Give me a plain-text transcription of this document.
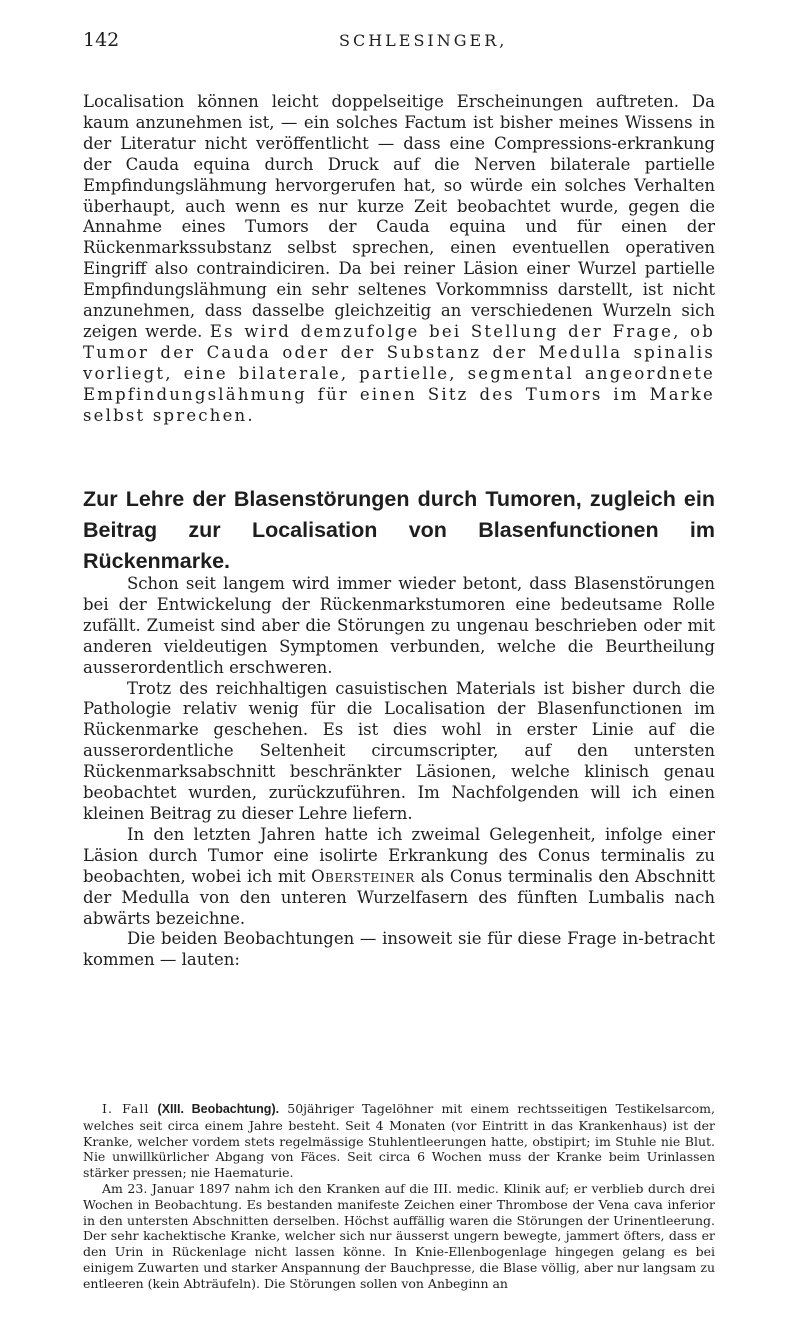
142	SCHLESINGER,
Localisation können leicht doppelseitige Erscheinungen auftreten. Da kaum anzunehmen ist, — ein solches Factum ist bisher meines Wissens in der Literatur nicht veröffentlicht — dass eine Compressions-erkrankung der Cauda equina durch Druck auf die Nerven bilaterale partielle Empfindungslähmung hervorgerufen hat, so würde ein solches Verhalten überhaupt, auch wenn es nur kurze Zeit beobachtet wurde, gegen die Annahme eines Tumors der Cauda equina und für einen der Rückenmarkssubstanz selbst sprechen, einen eventuellen operativen Eingriff also contraindiciren. Da bei reiner Läsion einer Wurzel partielle Empfindungslähmung ein sehr seltenes Vorkommniss darstellt, ist nicht anzunehmen, dass dasselbe gleichzeitig an verschiedenen Wurzeln sich zeigen werde. Es wird demzufolge bei Stellung der Frage, ob Tumor der Cauda oder der Substanz der Medulla spinalis vorliegt, eine bilaterale, partielle, segmental angeordnete Empfindungslähmung für einen Sitz des Tumors im Marke selbst sprechen.
Zur Lehre der Blasenstörungen durch Tumoren, zugleich ein Beitrag zur Localisation von Blasenfunctionen im Rückenmarke.

Schon seit langem wird immer wieder betont, dass Blasenstörungen bei der Entwickelung der Rückenmarkstumoren eine bedeutsame Rolle zufällt. Zumeist sind aber die Störungen zu ungenau beschrieben oder mit anderen vieldeutigen Symptomen verbunden, welche die Beurtheilung ausserordentlich erschweren.

Trotz des reichhaltigen casuistischen Materials ist bisher durch die Pathologie relativ wenig für die Localisation der Blasenfunctionen im Rückenmarke geschehen. Es ist dies wohl in erster Linie auf die ausserordentliche Seltenheit circumscripter, auf den untersten Rückenmarksabschnitt beschränkter Läsionen, welche klinisch genau beobachtet wurden, zurückzuführen. Im Nachfolgenden will ich einen kleinen Beitrag zu dieser Lehre liefern.

In den letzten Jahren hatte ich zweimal Gelegenheit, infolge einer Läsion durch Tumor eine isolirte Erkrankung des Conus terminalis zu beobachten, wobei ich mit Obersteiner als Conus terminalis den Abschnitt der Medulla von den unteren Wurzelfasern des fünften Lumbalis nach abwärts bezeichne.

Die beiden Beobachtungen — insoweit sie für diese Frage in-betracht kommen — lauten:

I. Fall (XIII. Beobachtung). 50jähriger Tagelöhner mit einem rechtsseitigen Testikelsarcom, welches seit circa einem Jahre besteht. Seit 4 Monaten (vor Eintritt in das Krankenhaus) ist der Kranke, welcher vordem stets regelmässige Stuhlentleerungen hatte, obstipirt; im Stuhle nie Blut. Nie unwillkürlicher Abgang von Fäces. Seit circa 6 Wochen muss der Kranke beim Urinlassen stärker pressen; nie Haematurie.

Am 23. Januar 1897 nahm ich den Kranken auf die III. medic. Klinik auf; er verblieb durch drei Wochen in Beobachtung. Es bestanden manifeste Zeichen einer Thrombose der Vena cava inferior in den untersten Abschnitten derselben. Höchst auffällig waren die Störungen der Urinentleerung. Der sehr kachektische Kranke, welcher sich nur äusserst ungern bewegte, jammert öfters, dass er den Urin in Rückenlage nicht lassen könne. In Knie-Ellenbogenlage hingegen gelang es bei einigem Zuwarten und starker Anspannung der Bauchpresse, die Blase völlig, aber nur langsam zu entleeren (kein Abträufeln). Die Störungen sollen von Anbeginn an
